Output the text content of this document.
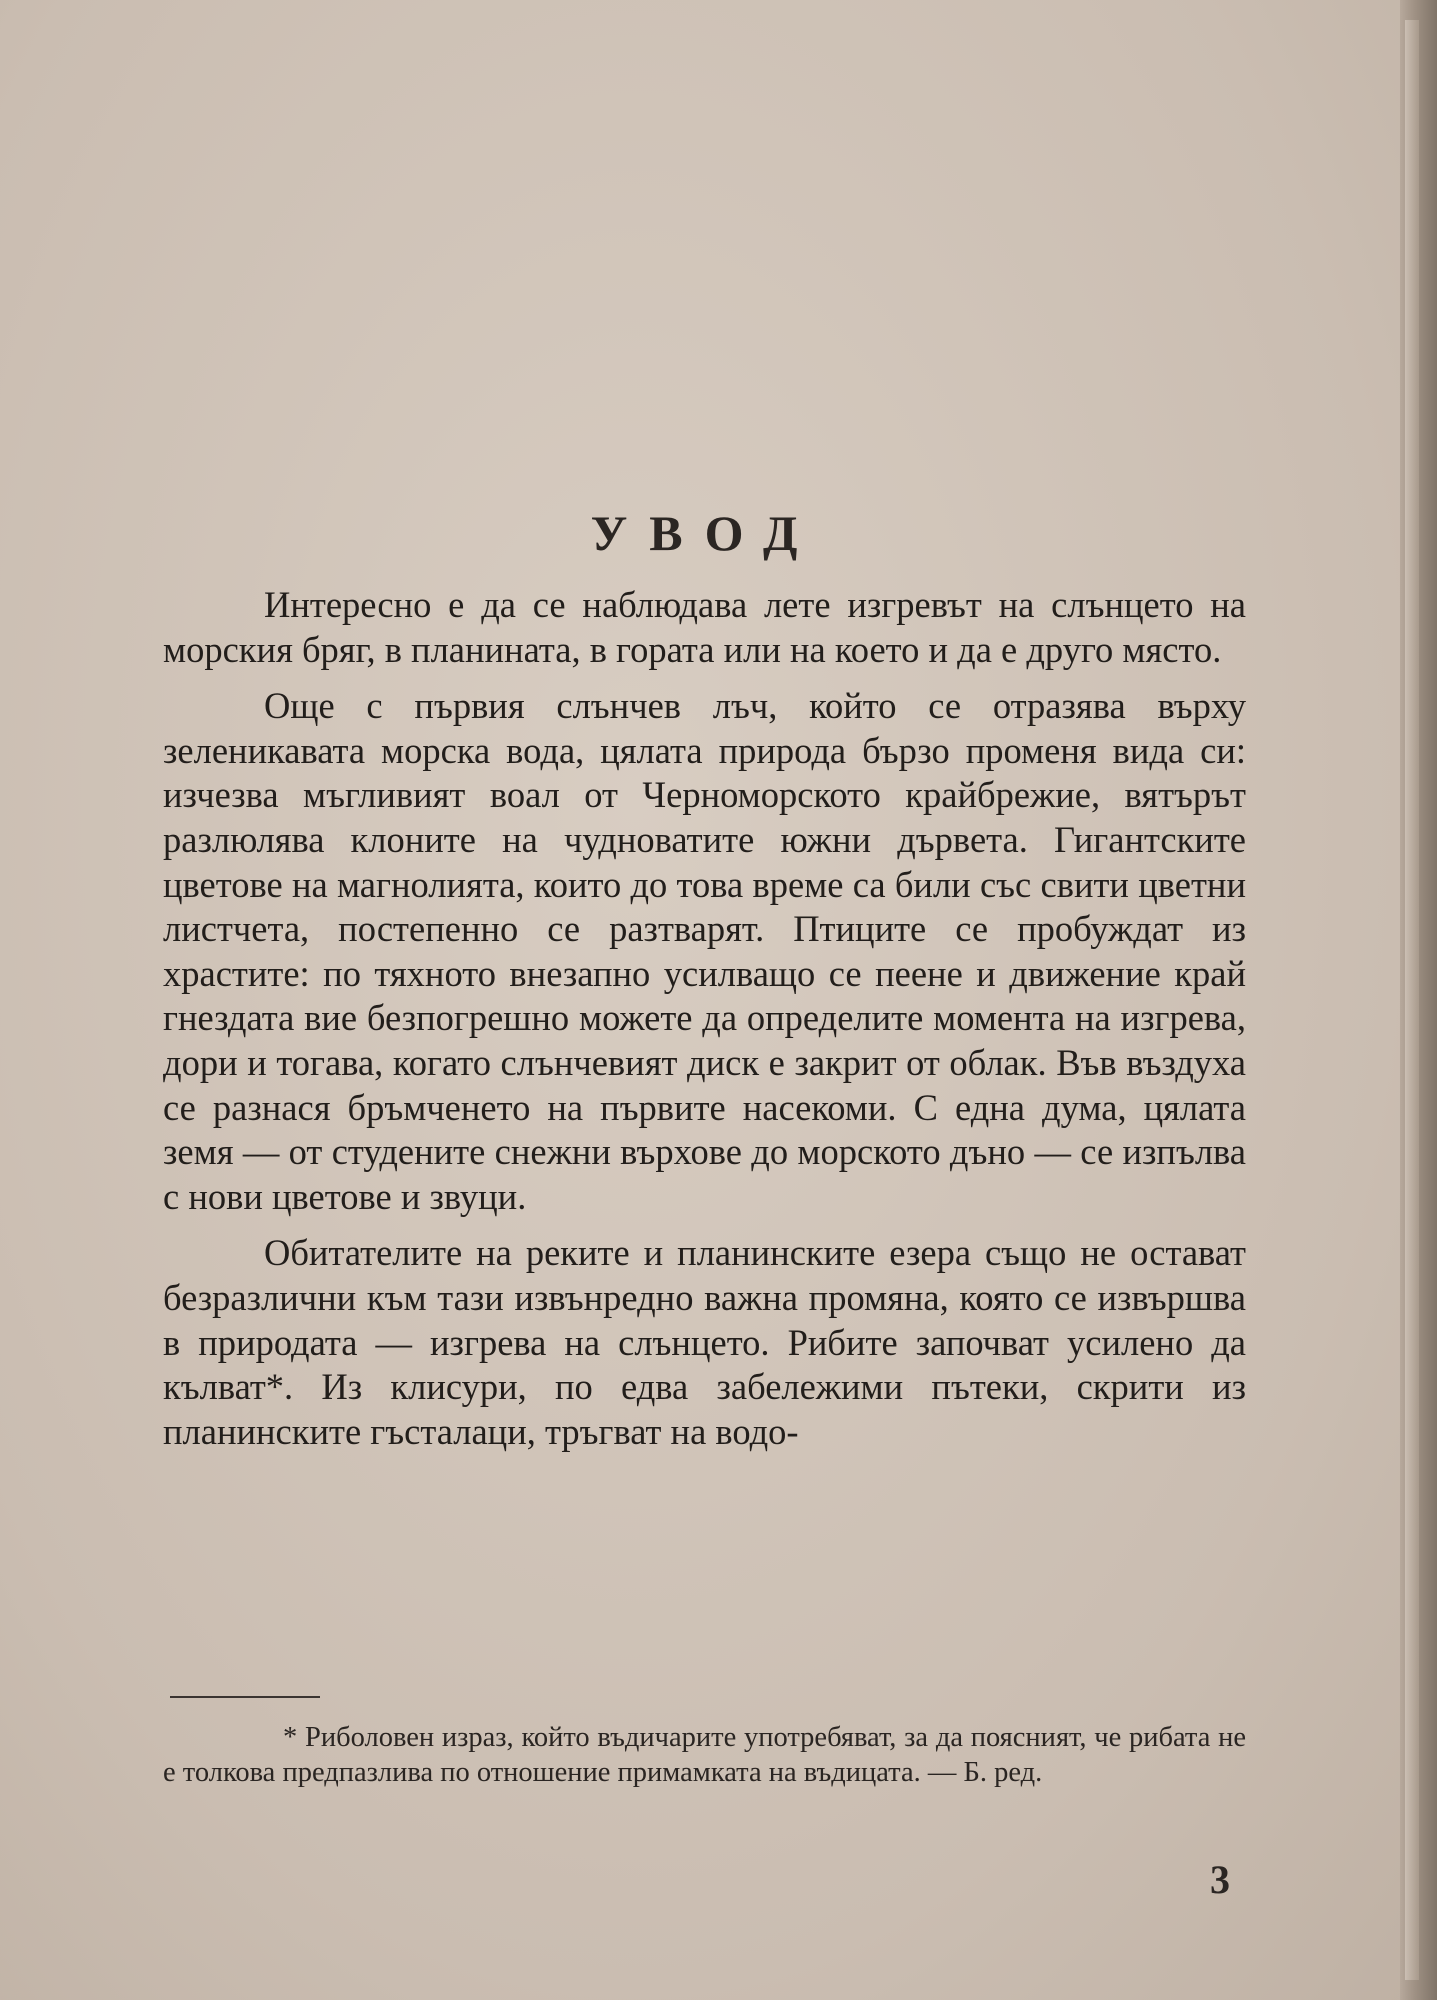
УВОД

Интересно е да се наблюдава лете изгревът на слънцето на морския бряг, в планината, в гората или на което и да е друго място.

Още с първия слънчев лъч, който се отразява върху зеленикавата морска вода, цялата природа бързо променя вида си: изчезва мъгливият воал от Черноморското крайбрежие, вятърът разлюлява клоните на чудноватите южни дървета. Гигантските цветове на магнолията, които до това време са били със свити цветни листчета, постепенно се разтварят. Птиците се пробуждат из храстите: по тяхното внезапно усилващо се пеене и движение край гнездата вие безпогрешно можете да определите момента на изгрева, дори и тогава, когато слънчевият диск е закрит от облак. Във въздуха се разнася бръмченето на първите насекоми. С една дума, цялата земя — от студените снежни върхове до морското дъно — се изпълва с нови цветове и звуци.

Обитателите на реките и планинските езера също не остават безразлични към тази извънредно важна промяна, която се извършва в природата — изгрева на слънцето. Рибите започват усилено да кълват*. Из клисури, по едва забележими пътеки, скрити из планинските гъсталаци, тръгват на водо-

* Риболовен израз, който въдичарите употребяват, за да поясният, че рибата не е толкова предпазлива по отношение примамката на въдицата. — Б. ред.

3
